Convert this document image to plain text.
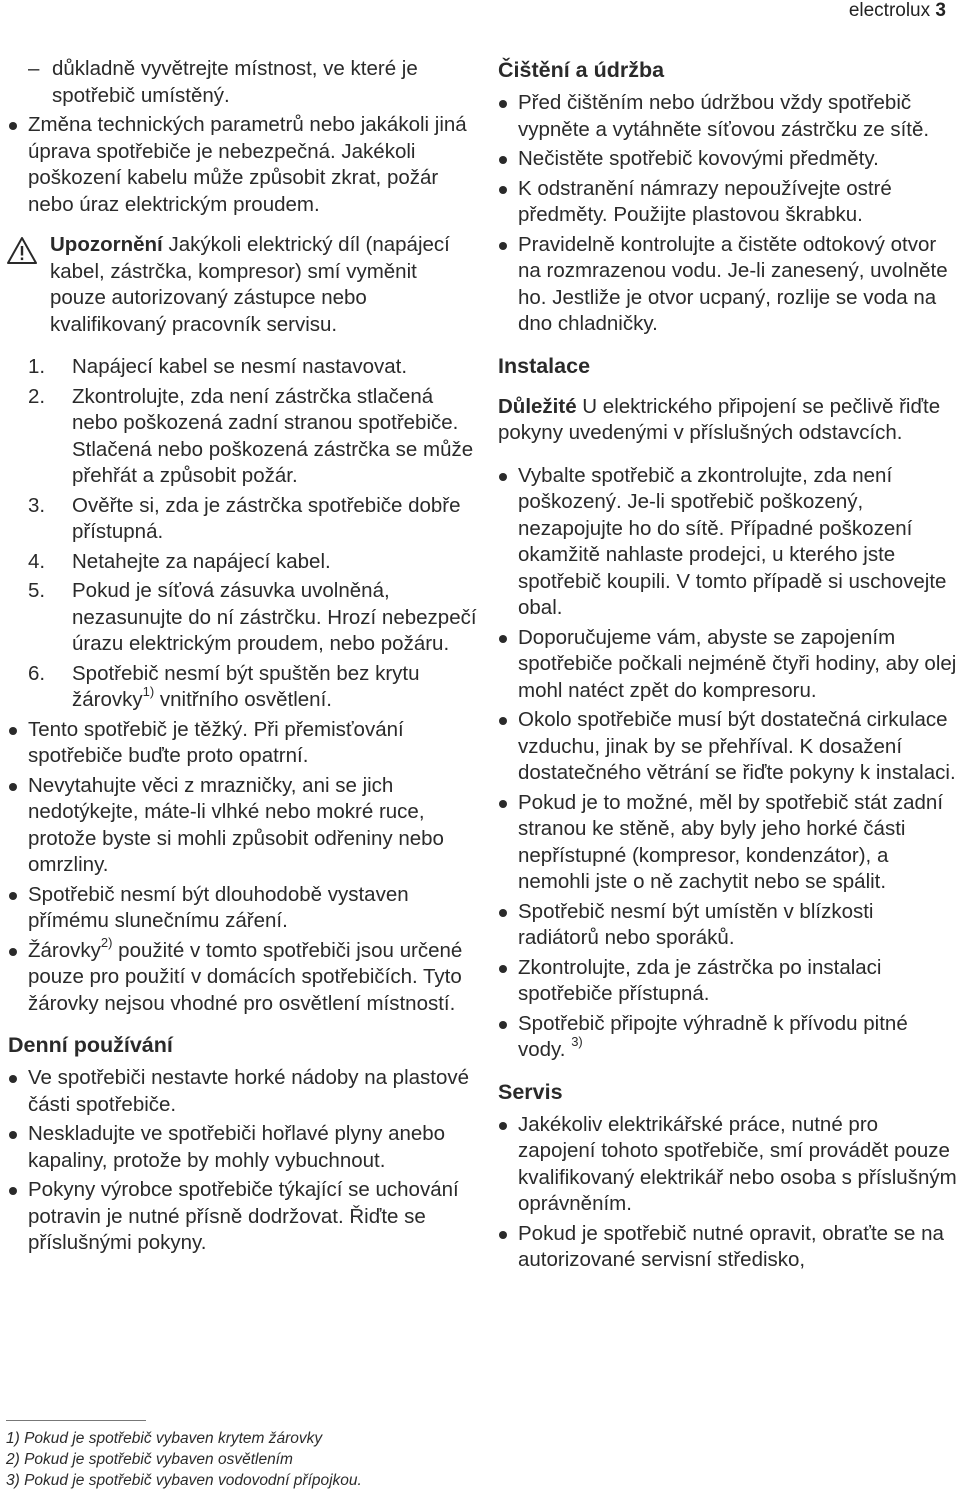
electrolux 3
– důkladně vyvětrejte místnost, ve které je spotřebič umístěný.
Změna technických parametrů nebo jakákoli jiná úprava spotřebiče je nebezpečná. Jakékoli poškození kabelu může způsobit zkrat, požár nebo úraz elektrickým proudem.
Upozornění Jakýkoli elektrický díl (napájecí kabel, zástrčka, kompresor) smí vyměnit pouze autorizovaný zástupce nebo kvalifikovaný pracovník servisu.
1. Napájecí kabel se nesmí nastavovat.
2. Zkontrolujte, zda není zástrčka stlačená nebo poškozená zadní stranou spotřebiče. Stlačená nebo poškozená zástrčka se může přehřát a způsobit požár.
3. Ověřte si, zda je zástrčka spotřebiče dobře přístupná.
4. Netahejte za napájecí kabel.
5. Pokud je síťová zásuvka uvolněná, nezasunujte do ní zástrčku. Hrozí nebezpečí úrazu elektrickým proudem, nebo požáru.
6. Spotřebič nesmí být spuštěn bez krytu žárovky$^{1)}$ vnitřního osvětlení.
Tento spotřebič je těžký. Při přemisťování spotřebiče buďte proto opatrní.
Nevytahujte věci z mrazničky, ani se jich nedotýkejte, máte-li vlhké nebo mokré ruce, protože byste si mohli způsobit odřeniny nebo omrzliny.
Spotřebič nesmí být dlouhodobě vystaven přímému slunečnímu záření.
Žárovky$^{2)}$ použité v tomto spotřebiči jsou určené pouze pro použití v domácích spotřebičích. Tyto žárovky nejsou vhodné pro osvětlení místností.
Denní používání
Ve spotřebiči nestavte horké nádoby na plastové části spotřebiče.
Neskladujte ve spotřebiči hořlavé plyny anebo kapaliny, protože by mohly vybuchnout.
Pokyny výrobce spotřebiče týkající se uchování potravin je nutné přísně dodržovat. Řiďte se příslušnými pokyny.
Čištění a údržba
Před čištěním nebo údržbou vždy spotřebič vypněte a vytáhněte síťovou zástrčku ze sítě.
Nečistěte spotřebič kovovými předměty.
K odstranění námrazy nepoužívejte ostré předměty. Použijte plastovou škrabku.
Pravidelně kontrolujte a čistěte odtokový otvor na rozmrazenou vodu. Je-li zanesený, uvolněte ho. Jestliže je otvor ucpaný, rozlije se voda na dno chladničky.
Instalace
Důležité U elektrického připojení se pečlivě řiďte pokyny uvedenými v příslušných odstavcích.
Vybalte spotřebič a zkontrolujte, zda není poškozený. Je-li spotřebič poškozený, nezapojujte ho do sítě. Případné poškození okamžitě nahlaste prodejci, u kterého jste spotřebič koupili. V tomto případě si uschovejte obal.
Doporučujeme vám, abyste se zapojením spotřebiče počkali nejméně čtyři hodiny, aby olej mohl natéct zpět do kompresoru.
Okolo spotřebiče musí být dostatečná cirkulace vzduchu, jinak by se přehříval. K dosažení dostatečného větrání se řiďte pokyny k instalaci.
Pokud je to možné, měl by spotřebič stát zadní stranou ke stěně, aby byly jeho horké části nepřístupné (kompresor, kondenzátor), a nemohli jste o ně zachytit nebo se spálit.
Spotřebič nesmí být umístěn v blízkosti radiátorů nebo sporáků.
Zkontrolujte, zda je zástrčka po instalaci spotřebiče přístupná.
Spotřebič připojte výhradně k přívodu pitné vody. $^{3)}$
Servis
Jakékoliv elektrikářské práce, nutné pro zapojení tohoto spotřebiče, smí provádět pouze kvalifikovaný elektrikář nebo osoba s příslušným oprávněním.
Pokud je spotřebič nutné opravit, obraťte se na autorizované servisní středisko,
1) Pokud je spotřebič vybaven krytem žárovky
2) Pokud je spotřebič vybaven osvětlením
3) Pokud je spotřebič vybaven vodovodní přípojkou.
